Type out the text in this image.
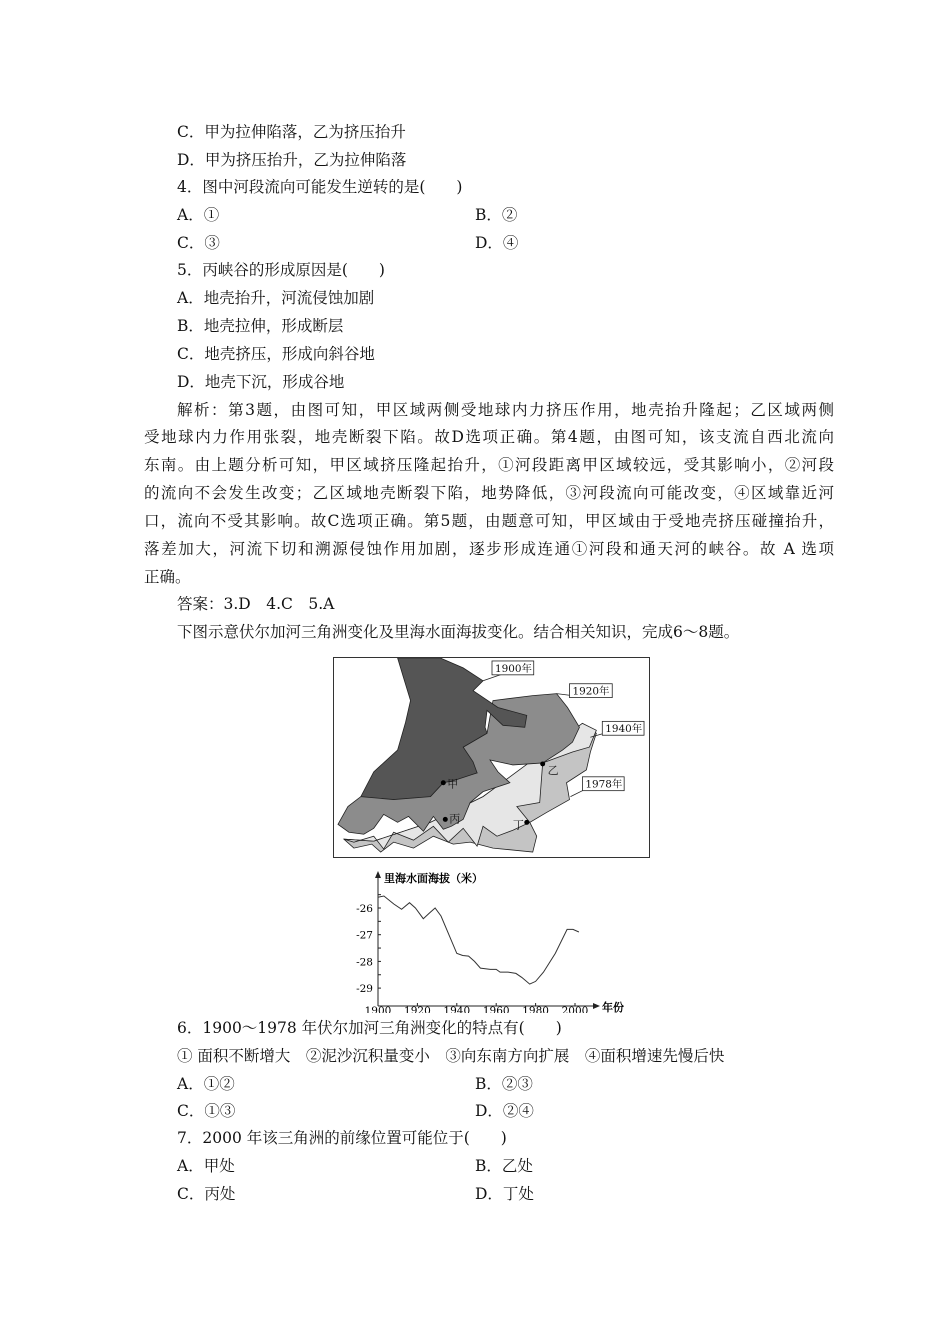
C．甲为拉伸陷落，乙为挤压抬升
D．甲为挤压抬升，乙为拉伸陷落
4．图中河段流向可能发生逆转的是(　　)
A．①	B．②
C．③	D．④
5．丙峡谷的形成原因是(　　)
A．地壳抬升，河流侵蚀加剧
B．地壳拉伸，形成断层
C．地壳挤压，形成向斜谷地
D．地壳下沉，形成谷地
解析：第3题，由图可知，甲区域两侧受地球内力挤压作用，地壳抬升隆起；乙区域两侧
受地球内力作用张裂，地壳断裂下陷。故D选项正确。第4题，由图可知，该支流自西北流向
东南。由上题分析可知，甲区域挤压隆起抬升，①河段距离甲区域较远，受其影响小，②河段
的流向不会发生改变；乙区域地壳断裂下陷，地势降低，③河段流向可能改变，④区域靠近河
口，流向不受其影响。故C选项正确。第5题，由题意可知，甲区域由于受地壳挤压碰撞抬升，
落差加大，河流下切和溯源侵蚀作用加剧，逐步形成连通①河段和通天河的峡谷。故 A 选项
正确。
答案：3.D　4.C　5.A
下图示意伏尔加河三角洲变化及里海水面海拔变化。结合相关知识，完成6～8题。
1900年
1920年
1940年
1978年
甲
乙
丙	丁
里海水面海拔（米）
年份
1900 1920 1940 1960 1980 2000
-26
-27
-28
-29
6．1900～1978 年伏尔加河三角洲变化的特点有(　　)
① 面积不断增大　②泥沙沉积量变小　③向东南方向扩展　④面积增速先慢后快
A．①②	B．②③
C．①③	D．②④
7．2000 年该三角洲的前缘位置可能位于(　　)
A．甲处	B．乙处
C．丙处	D．丁处
